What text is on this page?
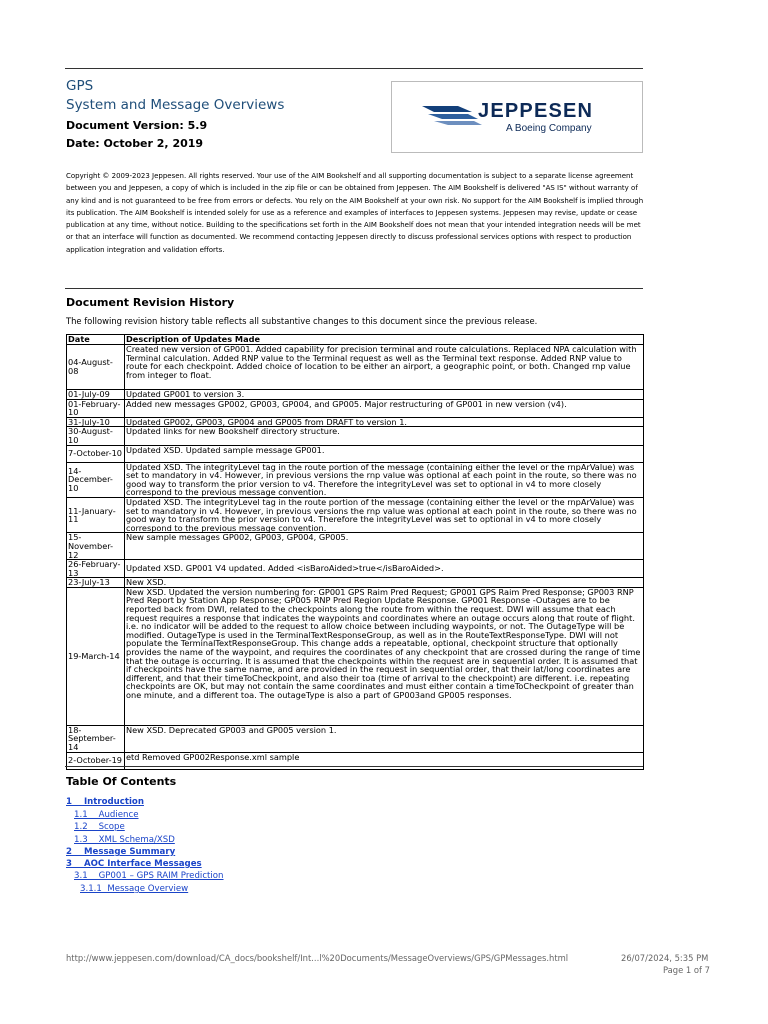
GPS
System and Message Overviews
Document Version: 5.9
Date: October 2, 2019
JEPPESEN
A Boeing Company
Copyright © 2009-2023 Jeppesen. All rights reserved. Your use of the AIM Bookshelf and all supporting documentation is subject to a separate license agreement between you and Jeppesen, a copy of which is included in the zip file or can be obtained from Jeppesen. The AIM Bookshelf is delivered "AS IS" without warranty of any kind and is not guaranteed to be free from errors or defects. You rely on the AIM Bookshelf at your own risk. No support for the AIM Bookshelf is implied through its publication. The AIM Bookshelf is intended solely for use as a reference and examples of interfaces to Jeppesen systems. Jeppesen may revise, update or cease publication at any time, without notice. Building to the specifications set forth in the AIM Bookshelf does not mean that your intended integration needs will be met or that an interface will function as documented. We recommend contacting Jeppesen directly to discuss professional services options with respect to production application integration and validation efforts.
Document Revision History
The following revision history table reflects all substantive changes to this document since the previous release.
Date	Description of Updates Made
04-August-08	Created new version of GP001. Added capability for precision terminal and route calculations. Replaced NPA calculation with Terminal calculation. Added RNP value to the Terminal request as well as the Terminal text response. Added RNP value to route for each checkpoint. Added choice of location to be either an airport, a geographic point, or both. Changed rnp value from integer to float.
01-July-09	Updated GP001 to version 3.
01-February-10	Added new messages GP002, GP003, GP004, and GP005. Major restructuring of GP001 in new version (v4).
31-July-10	Updated GP002, GP003, GP004 and GP005 from DRAFT to version 1.
30-August-10	Updated links for new Bookshelf directory structure.
7-October-10	Updated XSD. Updated sample message GP001.
14-December-10	Updated XSD. The integrityLevel tag in the route portion of the message (containing either the level or the rnpArValue) was set to mandatory in v4. However, in previous versions the rnp value was optional at each point in the route, so there was no good way to transform the prior version to v4. Therefore the integrityLevel was set to optional in v4 to more closely correspond to the previous message convention.
11-January-11	Updated XSD. The integrityLevel tag in the route portion of the message (containing either the level or the rnpArValue) was set to mandatory in v4. However, in previous versions the rnp value was optional at each point in the route, so there was no good way to transform the prior version to v4. Therefore the integrityLevel was set to optional in v4 to more closely correspond to the previous message convention.
15-November-12	New sample messages GP002, GP003, GP004, GP005.
26-February-13	Updated XSD. GP001 V4 updated. Added <isBaroAided>true</isBaroAided>.
23-July-13	New XSD.
19-March-14	New XSD. Updated the version numbering for: GP001 GPS Raim Pred Request; GP001 GPS Raim Pred Response; GP003 RNP Pred Report by Station App Response; GP005 RNP Pred Region Update Response. GP001 Response -Outages are to be reported back from DWI, related to the checkpoints along the route from within the request. DWI will assume that each request requires a response that indicates the waypoints and coordinates where an outage occurs along that route of flight. i.e. no indicator will be added to the request to allow choice between including waypoints, or not. The OutageType will be modified. OutageType is used in the TerminalTextResponseGroup, as well as in the RouteTextResponseType. DWI will not populate the TerminalTextResponseGroup. This change adds a repeatable, optional, checkpoint structure that optionally provides the name of the waypoint, and requires the coordinates of any checkpoint that are crossed during the range of time that the outage is occurring. It is assumed that the checkpoints within the request are in sequential order. It is assumed that if checkpoints have the same name, and are provided in the request in sequential order, that their lat/long coordinates are different, and that their timeToCheckpoint, and also their toa (time of arrival to the checkpoint) are different. i.e. repeating checkpoints are OK, but may not contain the same coordinates and must either contain a timeToCheckpoint of greater than one minute, and a different toa. The outageType is also a part of GP003and GP005 responses.
18-September-14	New XSD. Deprecated GP003 and GP005 version 1.
2-October-19	etd Removed GP002Response.xml sample
Table Of Contents
1    Introduction
1.1    Audience
1.2    Scope
1.3    XML Schema/XSD
2    Message Summary
3    AOC Interface Messages
3.1    GP001 – GPS RAIM Prediction
3.1.1  Message Overview
http://www.jeppesen.com/download/CA_docs/bookshelf/Int...l%20Documents/MessageOverviews/GPS/GPMessages.html	26/07/2024, 5:35 PM
Page 1 of 7
